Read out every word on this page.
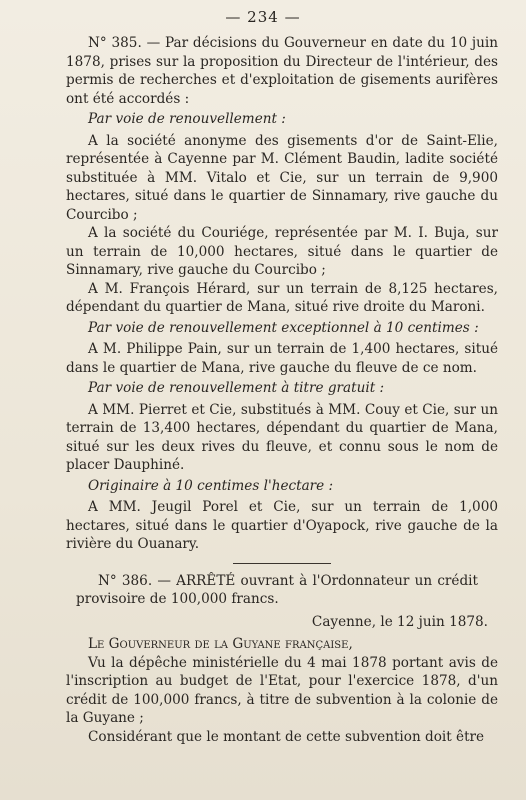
— 234 —

N° 385. — Par décisions du Gouverneur en date du 10 juin 1878, prises sur la proposition du Directeur de l'intérieur, des permis de recherches et d'exploitation de gisements aurifères ont été accordés :

Par voie de renouvellement :

A la société anonyme des gisements d'or de Saint-Elie, représentée à Cayenne par M. Clément Baudin, ladite société substituée à MM. Vitalo et Cie, sur un terrain de 9,900 hectares, situé dans le quartier de Sinnamary, rive gauche du Courcibo ;

A la société du Couriége, représentée par M. I. Buja, sur un terrain de 10,000 hectares, situé dans le quartier de Sinnamary, rive gauche du Courcibo ;

A M. François Hérard, sur un terrain de 8,125 hectares, dépendant du quartier de Mana, situé rive droite du Maroni.

Par voie de renouvellement exceptionnel à 10 centimes :

A M. Philippe Pain, sur un terrain de 1,400 hectares, situé dans le quartier de Mana, rive gauche du fleuve de ce nom.

Par voie de renouvellement à titre gratuit :

A MM. Pierret et Cie, substitués à MM. Couy et Cie, sur un terrain de 13,400 hectares, dépendant du quartier de Mana, situé sur les deux rives du fleuve, et connu sous le nom de placer Dauphiné.

Originaire à 10 centimes l'hectare :

A MM. Jeugil Porel et Cie, sur un terrain de 1,000 hectares, situé dans le quartier d'Oyapock, rive gauche de la rivière du Ouanary.

N° 386. — ARRÊTÉ ouvrant à l'Ordonnateur un crédit provisoire de 100,000 francs.

Cayenne, le 12 juin 1878.

Le Gouverneur de la Guyane française,

Vu la dépêche ministérielle du 4 mai 1878 portant avis de l'inscription au budget de l'Etat, pour l'exercice 1878, d'un crédit de 100,000 francs, à titre de subvention à la colonie de la Guyane ;

Considérant que le montant de cette subvention doit être
